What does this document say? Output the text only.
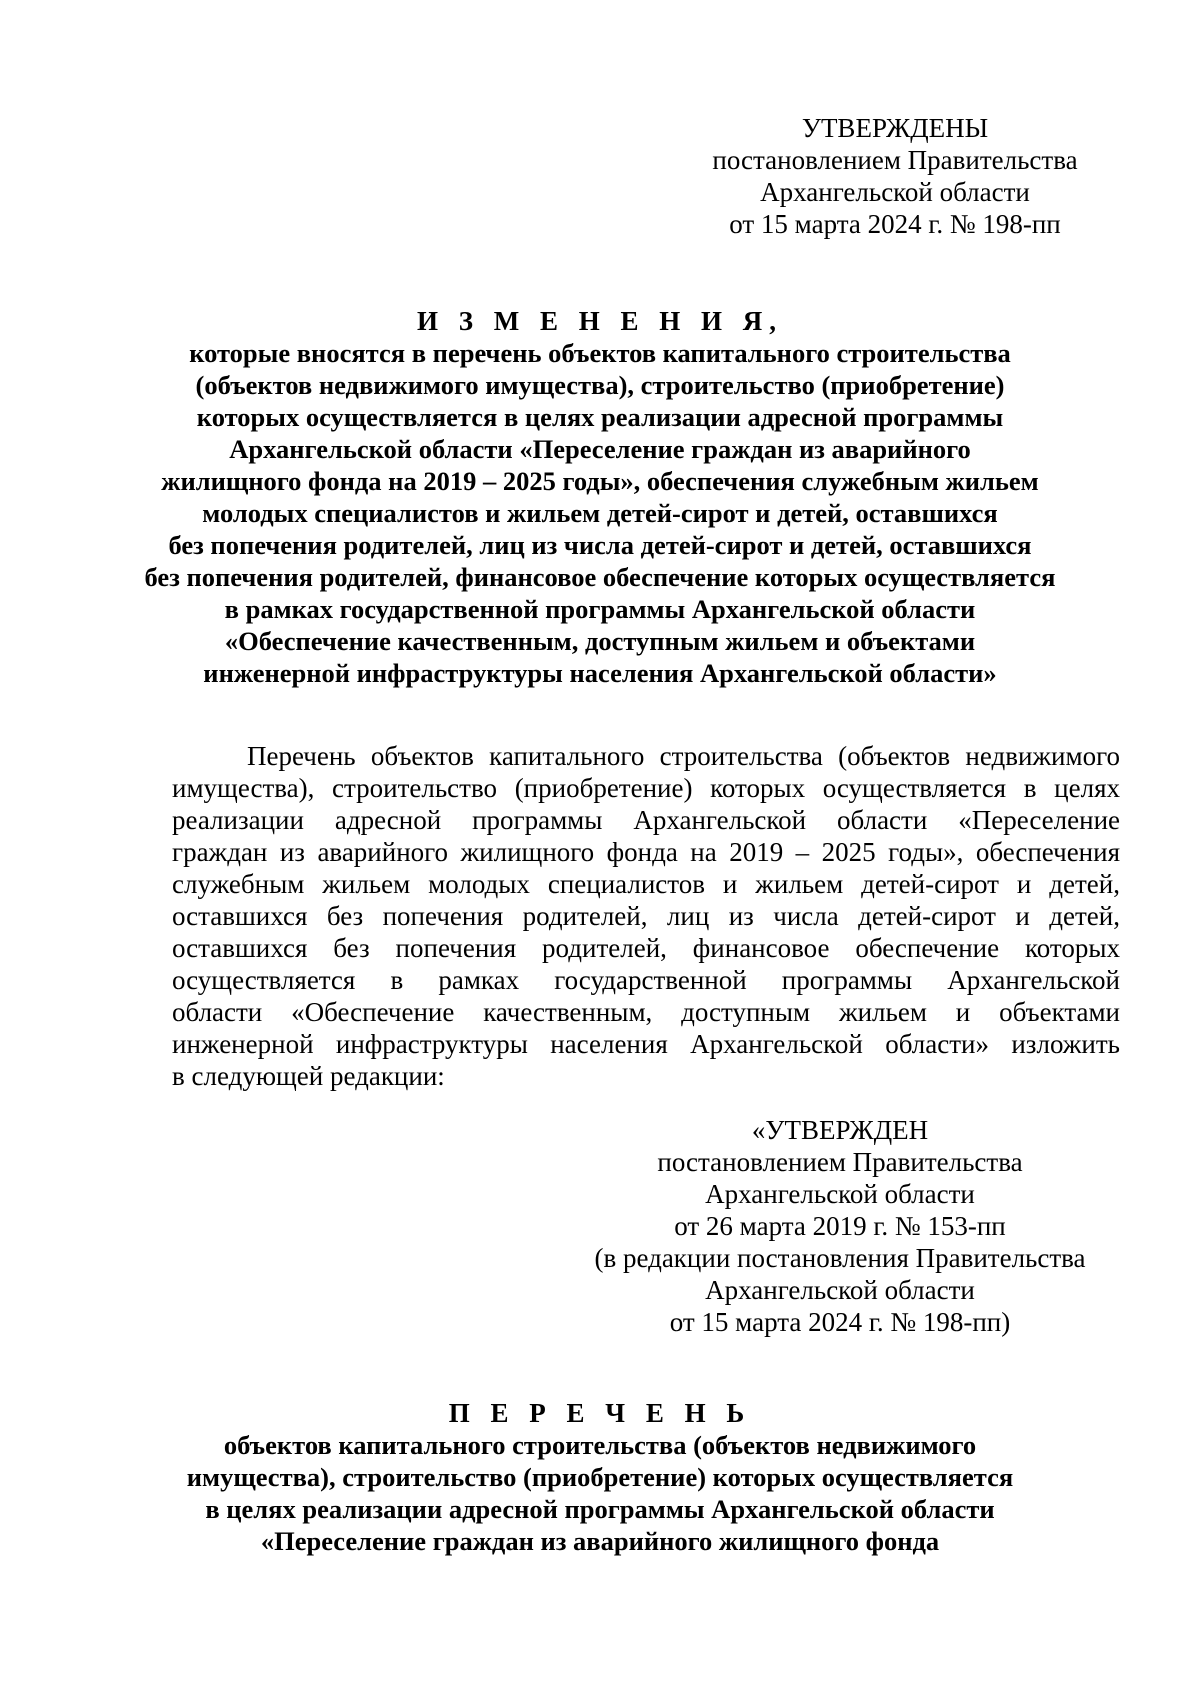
УТВЕРЖДЕНЫ
постановлением Правительства
Архангельской области
от 15 марта 2024 г. № 198-пп
И З М Е Н Е Н И Я,
которые вносятся в перечень объектов капитального строительства
(объектов недвижимого имущества), строительство (приобретение)
которых осуществляется в целях реализации адресной программы
Архангельской области «Переселение граждан из аварийного
жилищного фонда на 2019 – 2025 годы», обеспечения служебным жильем
молодых специалистов и жильем детей-сирот и детей, оставшихся
без попечения родителей, лиц из числа детей-сирот и детей, оставшихся
без попечения родителей, финансовое обеспечение которых осуществляется
в рамках государственной программы Архангельской области
«Обеспечение качественным, доступным жильем и объектами
инженерной инфраструктуры населения Архангельской области»
Перечень объектов капитального строительства (объектов недвижимого
имущества), строительство (приобретение) которых осуществляется в целях
реализации адресной программы Архангельской области «Переселение
граждан из аварийного жилищного фонда на 2019 – 2025 годы», обеспечения
служебным жильем молодых специалистов и жильем детей-сирот и детей,
оставшихся без попечения родителей, лиц из числа детей-сирот и детей,
оставшихся без попечения родителей, финансовое обеспечение которых
осуществляется в рамках государственной программы Архангельской
области «Обеспечение качественным, доступным жильем и объектами
инженерной инфраструктуры населения Архангельской области» изложить
в следующей редакции:
«УТВЕРЖДЕН
постановлением Правительства
Архангельской области
от 26 марта 2019 г. № 153-пп
(в редакции постановления Правительства
Архангельской области
от 15 марта 2024 г. № 198-пп)
П Е Р Е Ч Е Н Ь
объектов капитального строительства (объектов недвижимого
имущества), строительство (приобретение) которых осуществляется
в целях реализации адресной программы Архангельской области
«Переселение граждан из аварийного жилищного фонда
